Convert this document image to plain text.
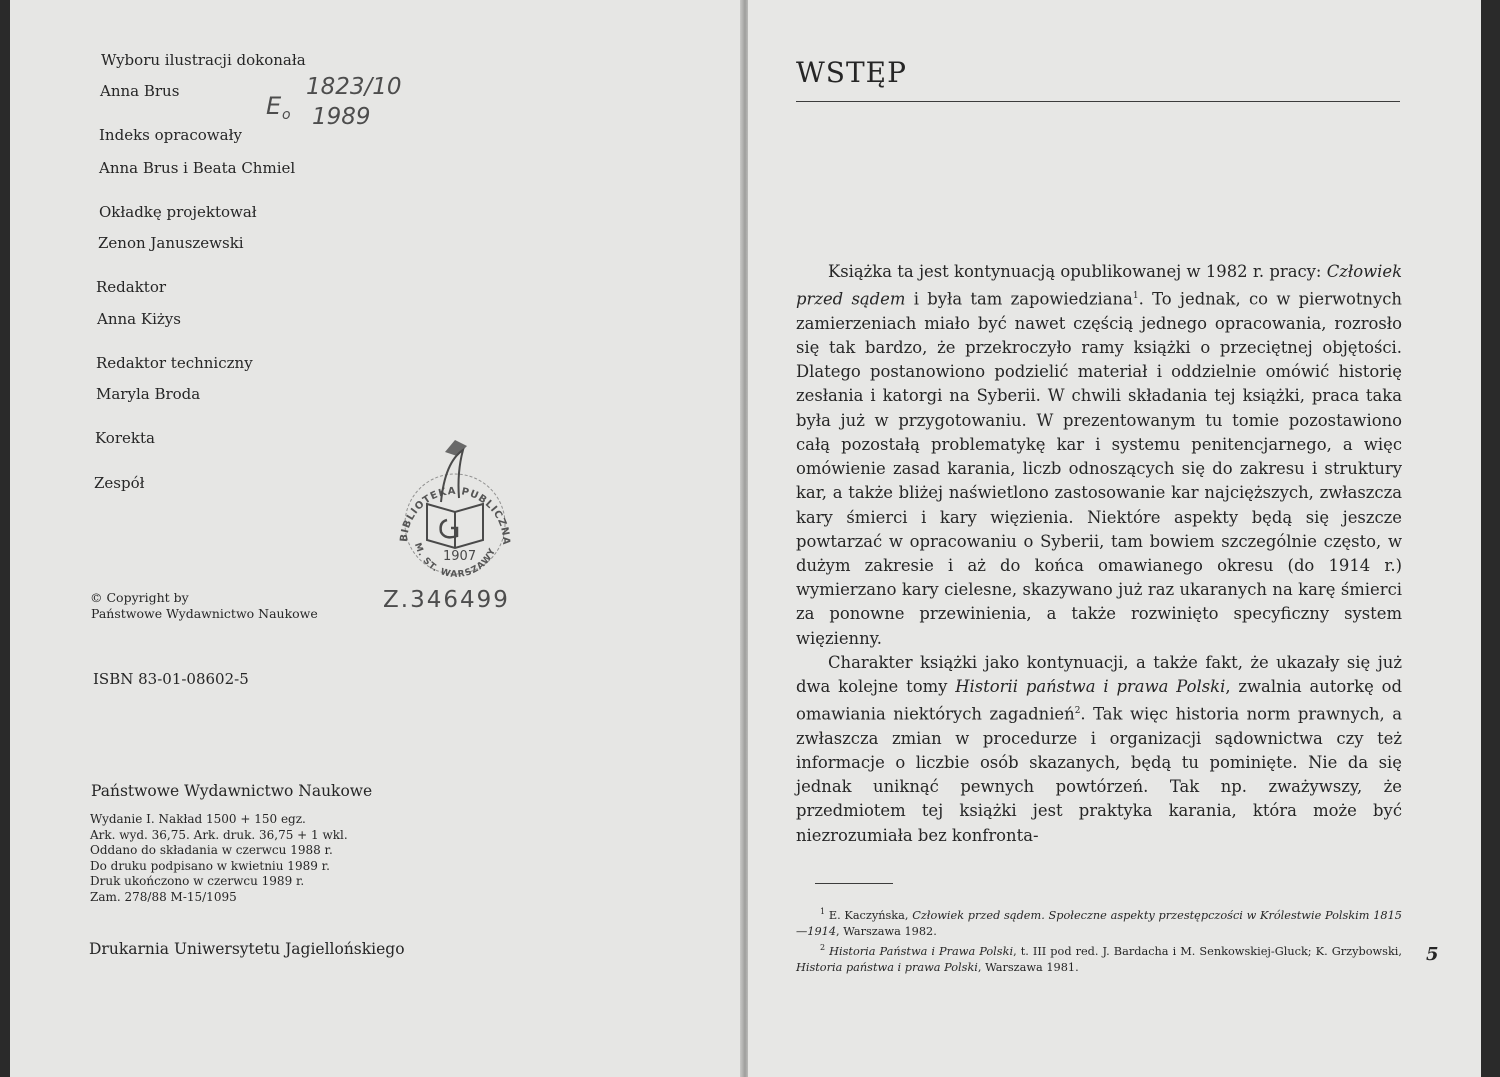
Wyboru ilustracji dokonała
Anna Brus	1823/10
E o 1989
Indeks opracowały
Anna Brus i Beata Chmiel
Okładkę projektował
Zenon Januszewski
Redaktor
Anna Kiżys
Redaktor techniczny
Maryla Broda
Korekta
Zespół
BIBLIOTEKA PUBLICZNA
M. ST. WARSZAWY
1907
© Copyright by
Państwowe Wydawnictwo Naukowe
Z.346499
ISBN 83-01-08602-5
Państwowe Wydawnictwo Naukowe
Wydanie I. Nakład 1500 + 150 egz.
Ark. wyd. 36,75. Ark. druk. 36,75 + 1 wkl.
Oddano do składania w czerwcu 1988 r.
Do druku podpisano w kwietniu 1989 r.
Druk ukończono w czerwcu 1989 r.
Zam. 278/88 M-15/1095
Drukarnia Uniwersytetu Jagiellońskiego
WSTĘP

Książka ta jest kontynuacją opublikowanej w 1982 r. pracy: Człowiek przed sądem i była tam zapowiedziana$^1$. To jednak, co w pierwotnych zamierzeniach miało być nawet częścią jednego opracowania, rozrosło się tak bardzo, że przekroczyło ramy książki o przeciętnej objętości. Dlatego postanowiono podzielić materiał i oddzielnie omówić historię zesłania i katorgi na Syberii. W chwili składania tej książki, praca taka była już w przygotowaniu. W prezentowanym tu tomie pozostawiono całą pozostałą problematykę kar i systemu penitencjarnego, a więc omówienie zasad karania, liczb odnoszących się do zakresu i struktury kar, a także bliżej naświetlono zastosowanie kar najcięższych, zwłaszcza kary śmierci i kary więzienia. Niektóre aspekty będą się jeszcze powtarzać w opracowaniu o Syberii, tam bowiem szczególnie często, w dużym zakresie i aż do końca omawianego okresu (do 1914 r.) wymierzano kary cielesne, skazywano już raz ukaranych na karę śmierci za ponowne przewinienia, a także rozwinięto specyficzny system więzienny.

Charakter książki jako kontynuacji, a także fakt, że ukazały się już dwa kolejne tomy Historii państwa i prawa Polski, zwalnia autorkę od omawiania niektórych zagadnień$^2$. Tak więc historia norm prawnych, a zwłaszcza zmian w procedurze i organizacji sądownictwa czy też informacje o liczbie osób skazanych, będą tu pominięte. Nie da się jednak uniknąć pewnych powtórzeń. Tak np. zważywszy, że przedmiotem tej książki jest praktyka karania, która może być niezrozumiała bez konfronta-

$^1$ E. Kaczyńska, Człowiek przed sądem. Społeczne aspekty przestępczości w Królestwie Polskim 1815—1914, Warszawa 1982.

$^2$ Historia Państwa i Prawa Polski, t. III pod red. J. Bardacha i M. Senkowskiej-Gluck; K. Grzybowski, Historia państwa i prawa Polski, Warszawa 1981.

5
